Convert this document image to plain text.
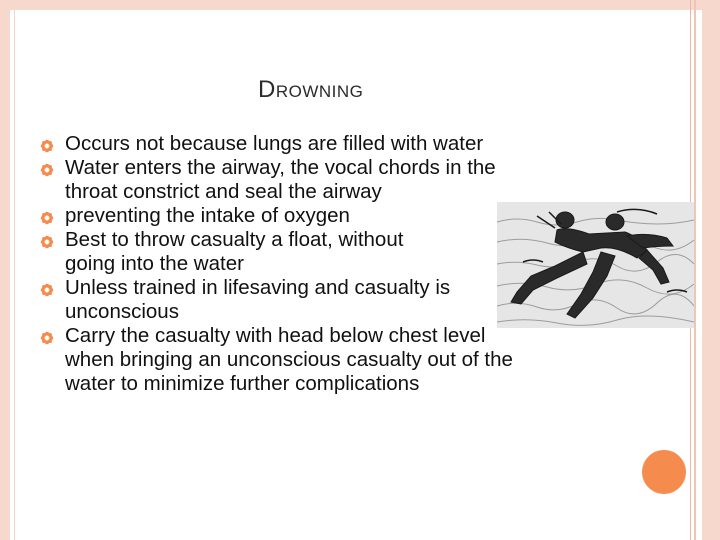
DROWNING
Occurs not because lungs are filled with water
Water enters the airway, the vocal chords in the
throat constrict and seal the airway
preventing the intake of oxygen
Best to throw casualty a float, without
going into the water
Unless trained in lifesaving and casualty is
unconscious
Carry the casualty with head below chest level
when bringing an unconscious casualty out of the
water to minimize further complications
